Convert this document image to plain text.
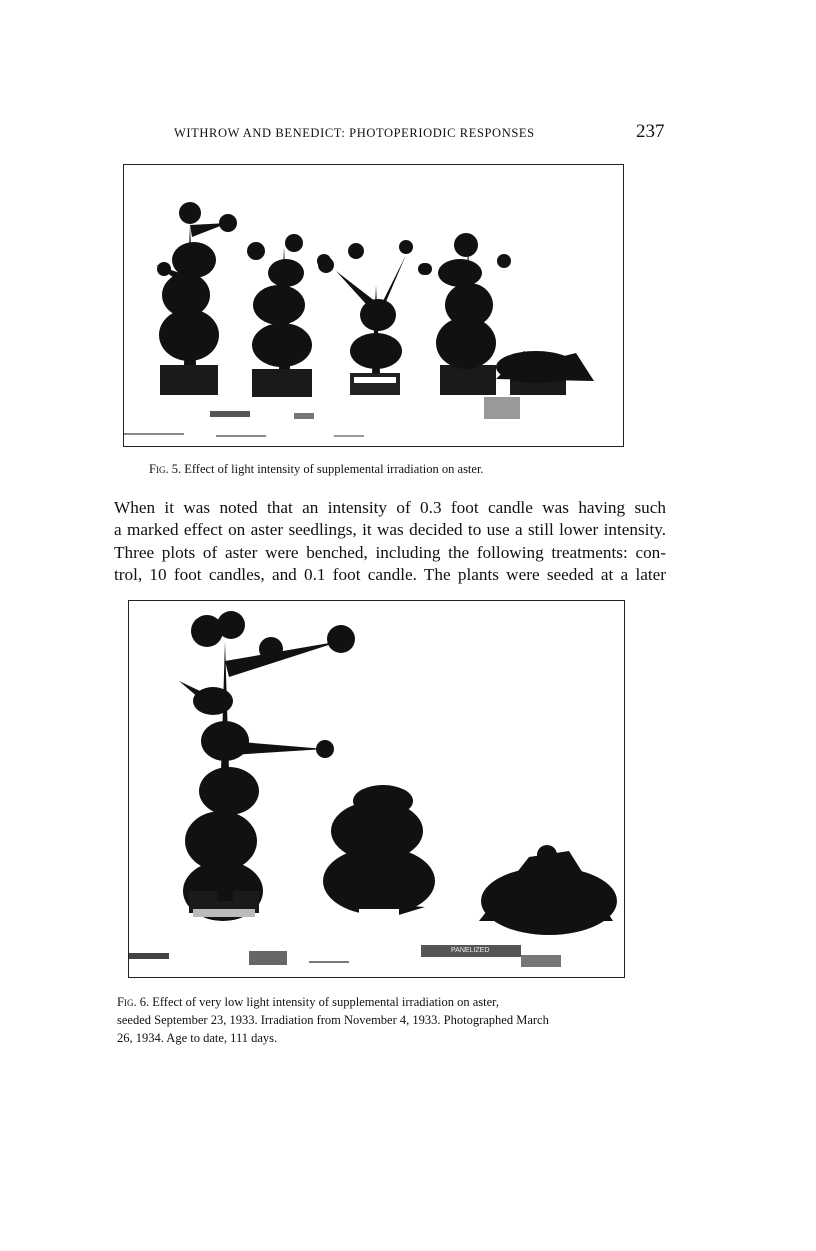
WITHROW AND BENEDICT: PHOTOPERIODIC RESPONSES	237
Fig. 5. Effect of light intensity of supplemental irradiation on aster.
When it was noted that an intensity of 0.3 foot candle was having such
a marked effect on aster seedlings, it was decided to use a still lower intensity.
Three plots of aster were benched, including the following treatments: con-
trol, 10 foot candles, and 0.1 foot candle. The plants were seeded at a later
PANELIZED
Fig. 6. Effect of very low light intensity of supplemental irradiation on aster,
seeded September 23, 1933. Irradiation from November 4, 1933. Photographed March
26, 1934. Age to date, 111 days.
